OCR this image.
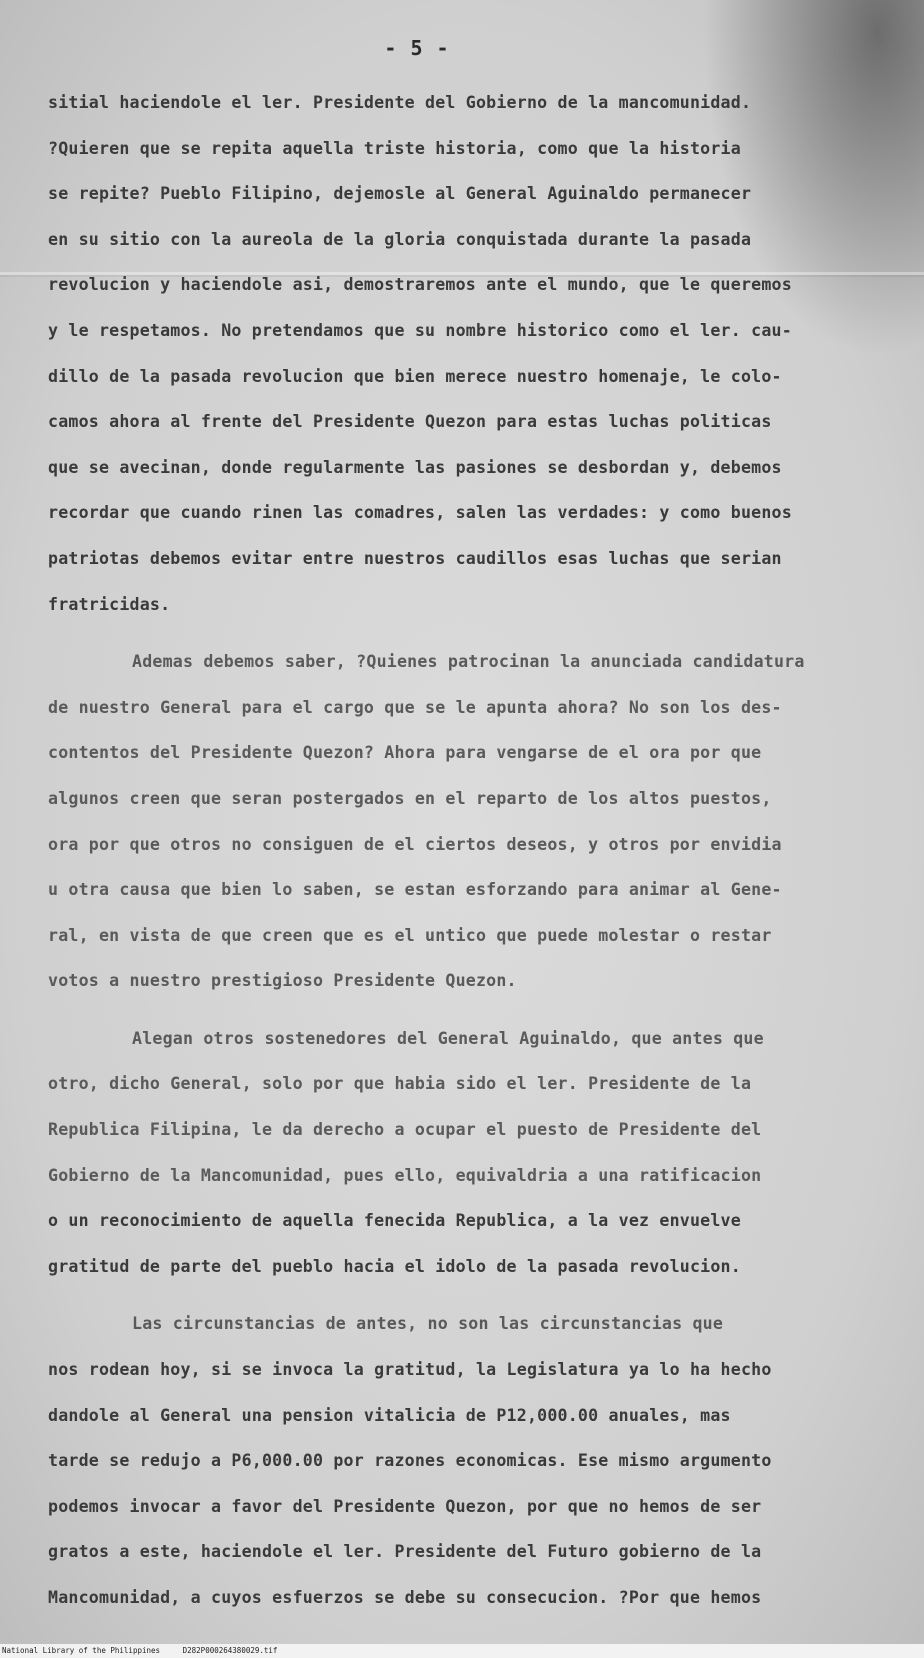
- 5 -
sitial haciendole el ler. Presidente del Gobierno de la mancomunidad.
?Quieren que se repita aquella triste historia, como que la historia
se repite? Pueblo Filipino, dejemosle al General Aguinaldo permanecer
en su sitio con la aureola de la gloria conquistada durante la pasada
revolucion y haciendole asi, demostraremos ante el mundo, que le queremos
y le respetamos. No pretendamos que su nombre historico como el ler. cau-
dillo de la pasada revolucion que bien merece nuestro homenaje, le colo-
camos ahora al frente del Presidente Quezon para estas luchas politicas
que se avecinan, donde regularmente las pasiones se desbordan y, debemos
recordar que cuando rinen las comadres, salen las verdades: y como buenos
patriotas debemos evitar entre nuestros caudillos esas luchas que serian
fratricidas.
Ademas debemos saber, ?Quienes patrocinan la anunciada candidatura
de nuestro General para el cargo que se le apunta ahora? No son los des-
contentos del Presidente Quezon? Ahora para vengarse de el ora por que
algunos creen que seran postergados en el reparto de los altos puestos,
ora por que otros no consiguen de el ciertos deseos, y otros por envidia
u otra causa que bien lo saben, se estan esforzando para animar al Gene-
ral, en vista de que creen que es el untico que puede molestar o restar
votos a nuestro prestigioso Presidente Quezon.
Alegan otros sostenedores del General Aguinaldo, que antes que
otro, dicho General, solo por que habia sido el ler. Presidente de la
Republica Filipina, le da derecho a ocupar el puesto de Presidente del
Gobierno de la Mancomunidad, pues ello, equivaldria a una ratificacion
o un reconocimiento de aquella fenecida Republica, a la vez envuelve
gratitud de parte del pueblo hacia el idolo de la pasada revolucion.
Las circunstancias de antes, no son las circunstancias que
nos rodean hoy, si se invoca la gratitud, la Legislatura ya lo ha hecho
dandole al General una pension vitalicia de P12,000.00 anuales, mas
tarde se redujo a P6,000.00 por razones economicas. Ese mismo argumento
podemos invocar a favor del Presidente Quezon, por que no hemos de ser
gratos a este, haciendole el ler. Presidente del Futuro gobierno de la
Mancomunidad, a cuyos esfuerzos se debe su consecucion. ?Por que hemos
National Library of the Philippines     D282P000264380029.tif
